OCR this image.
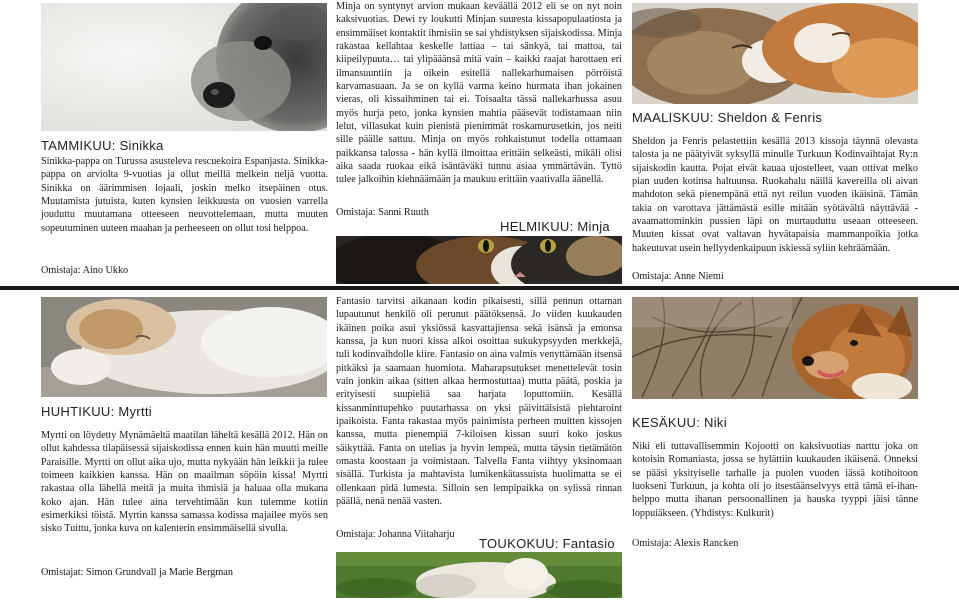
TAMMIKUU: Sinikka
Sinikka-pappa on Turussa asusteleva rescuekoira Espanjasta. Sinikka-pappa on arviolta 9-vuotias ja ollut meillä melkein neljä vuotta. Sinikka on äärimmisen lojaali, joskin melko itsepäinen otus. Muutamista jutuista, kuten kynsien leikkuusta on vuosien varrella jouduttu muutamana otteeseen neuvottelemaan, mutta muuten sopeutuminen uuteen maahan ja perheeseen on ollut tosi helppoa.
Omistaja: Aino Ukko
Minja on syntynyt arvion mukaan keväällä 2012 eli se on nyt noin kaksivuotias. Dewi ry loukutti Minjan suuresta kissapopulaatiosta ja ensimmäiset kontaktit ihmisiin se sai yhdistyksen sijaiskodissa. Minja rakastaa kellahtaa keskelle lattiaa – tai sänkyä, tai mattoa, tai kiipeilypuuta… tai ylipääänsä mitä vain – kaikki raajat harottaen eri ilmansuuntiin ja oikein esitellä nallekarhumaisen pörröistä karvamasuaan. Ja se on kyllä varma keino hurmata ihan jokainen vieras, oli kissaihminen tai ei. Toisaalta tässä nallekarhussa asuu myös hurja peto, jonka kynsien mahtia pääsevät todistamaan niin lelut, villasukat kuin pienistä pienimmät roskamurusetkin, jos neiti sille päälle sattuu. Minja on myös rohkaistunut todella ottamaan paikkansa talossa - hän kyllä ilmoittaa erittäin selkeästi, mikäli olisi aika saada ruokaa eikä isäntäväki tunnu asiaa ymmärtävän. Tyttö tulee jalkoihin kiehnäämään ja maukuu erittäin vaativalla äänellä.
Omistaja: Sanni Ruuth
HELMIKUU: Minja
MAALISKUU: Sheldon & Fenris
Sheldon ja Fenris pelastettiin kesällä 2013 kissoja täynnä olevasta talosta ja ne päätyivät syksyllä minulle Turkuun Kodinvaihtajat Ry:n sijaiskodin kautta. Pojat eivät kauaa ujostelleet, vaan ottivat melko pian uuden kotinsa haltuunsa. Ruokahalu näillä kavereilla oli aivan mahdoton sekä pienempänä että nyt reilun vuoden ikäisinä. Tämän takia on varottava jättämästä esille mitään syötävältä näyttävää - avaamattominkin pussien läpi on murtauduttu useaan otteeseen. Muuten kissat ovat valtavan hyvätapaisia mammanpoikia jotka hakeutuvat usein hellyydenkaipuun iskiessä syliin kehräämään.
Omistaja: Anne Niemi
HUHTIKUU: Myrtti
Myrtti on löydetty Mynämäeltä maatilan läheltä kesällä 2012. Hän on ollut kahdessa tilapäisessä sijaiskodissa ennen kuin hän muutti meille Paraisille. Myrtti on ollut aika ujo, mutta nykyään hän leikkii ja tulee toimeen kaikkien kanssa. Hän on maailman söpöin kissa! Myrtti rakastaa olla lähellä meitä ja muita ihmisiä ja haluaa olla mukana koko ajan. Hän tulee aina tervehtimään kun tulemme kotiin esimerkiksi töistä. Myrtin kanssa samassa kodissa majailee myös sen sisko Tuittu, jonka kuva on kalenterin ensimmäisellä sivulla.
Omistajat: Simon Grundvall ja Marie Bergman
Fantasio tarvitsi aikanaan kodin pikaisesti, sillä pennun ottaman lupautunut henkilö oli perunut päätöksensä. Jo viiden kuukauden ikäinen poika asui yksiössä kasvattajiensa sekä isänsä ja emonsa kanssa, ja kun nuori kissa alkoi osoittaa sukukypsyyden merkkejä, tuli kodinvaihdolle kiire. Fantasio on aina valmis venyttämään itsensä pitkäksi ja saamaan huomiota. Maharapsutukset menettelevät tosin vain jonkin aikaa (sitten alkaa hermostuttaa) mutta päätä, poskia ja erityisesti suupieliä saa harjata loputtomiin. Kesällä kissanminttupehko puutarhassa on yksi päivittäisistä piehtaroint ipaikoista. Fanta rakastaa myös painimista perheen muitten kissojen kanssa, mutta pienempiä 7-kiloisen kissan suuri koko joskus säikyttää. Fanta on utelias ja hyvin lempeä, mutta täysin tietämätön omasta koostaan ja voimistaan. Talvella Fanta viihtyy yksinomaan sisällä. Turkista ja mahtavista lumikenkätassuista huolimatta se ei ollenkaan pidä lumesta. Silloin sen lempipaikka on sylissä rinnan päällä, nenä nenää vasten.
Omistaja: Johanna Viitaharju
TOUKOKUU: Fantasio
KESÄKUU: Niki
Niki eli tuttavallisemmin Kojootti on kaksivuotias narttu joka on kotoisin Romaniasta, jossa se hylättiin kuukauden ikäisenä. Onneksi se pääsi yksityiselle tarhalle ja puolen vuoden iässä kotihoitoon luokseni Turkuun, ja kohta oli jo itsestäänselvyys että tämä ei-ihan-helppo mutta ihanan persoonallinen ja hauska tyyppi jäisi tänne loppuiäkseen. (Yhdistys: Kulkurit)
Omistaja: Alexis Rancken
